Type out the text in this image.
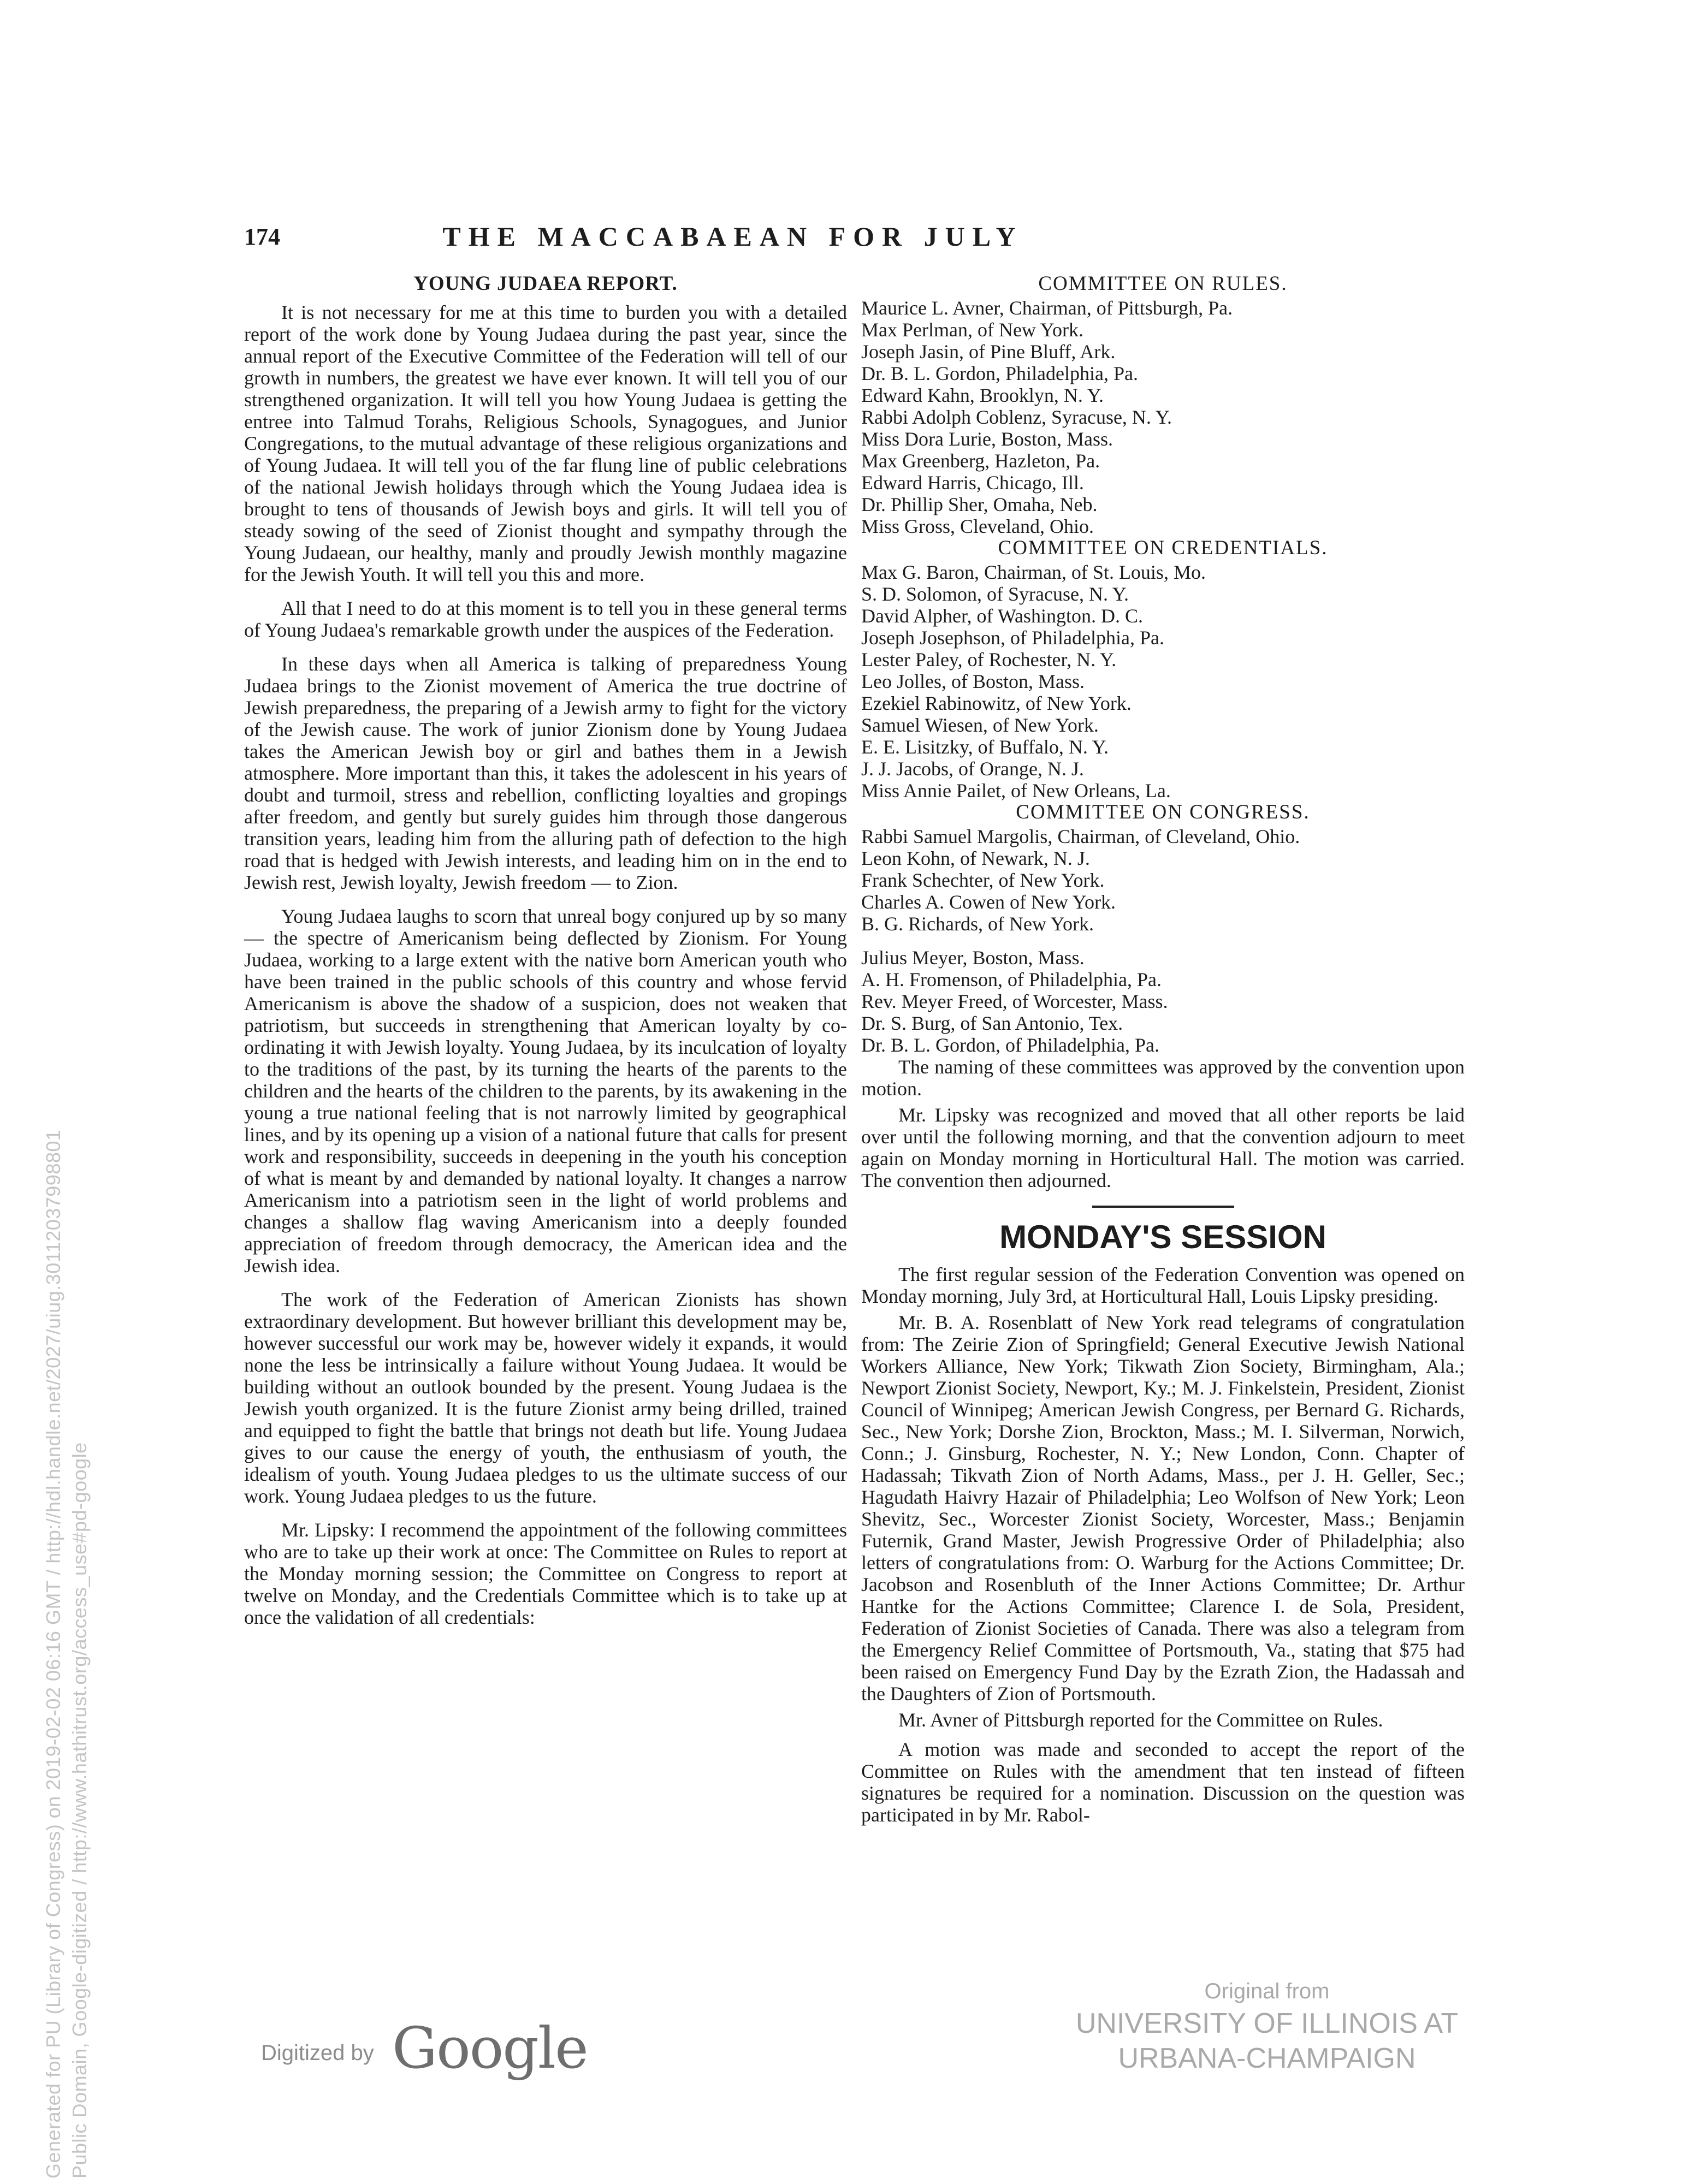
Generated for PU (Library of Congress) on 2019-02-02 06:16 GMT / http://hdl.handle.net/2027/uiug.30112037998801 Public Domain, Google-digitized / http://www.hathitrust.org/access_use#pd-google
174	THE MACCABAEAN FOR JULY
YOUNG JUDAEA REPORT.

It is not necessary for me at this time to burden you with a detailed report of the work done by Young Judaea during the past year, since the annual report of the Executive Committee of the Federation will tell of our growth in numbers, the greatest we have ever known. It will tell you of our strengthened organization. It will tell you how Young Judaea is getting the entree into Talmud Torahs, Religious Schools, Synagogues, and Junior Congregations, to the mutual advantage of these religious organizations and of Young Judaea. It will tell you of the far flung line of public celebrations of the national Jewish holidays through which the Young Judaea idea is brought to tens of thousands of Jewish boys and girls. It will tell you of steady sowing of the seed of Zionist thought and sympathy through the Young Judaean, our healthy, manly and proudly Jewish monthly magazine for the Jewish Youth. It will tell you this and more.

All that I need to do at this moment is to tell you in these general terms of Young Judaea's remarkable growth under the auspices of the Federation.

In these days when all America is talking of preparedness Young Judaea brings to the Zionist movement of America the true doctrine of Jewish preparedness, the preparing of a Jewish army to fight for the victory of the Jewish cause. The work of junior Zionism done by Young Judaea takes the American Jewish boy or girl and bathes them in a Jewish atmosphere. More important than this, it takes the adolescent in his years of doubt and turmoil, stress and rebellion, conflicting loyalties and gropings after freedom, and gently but surely guides him through those dangerous transition years, leading him from the alluring path of defection to the high road that is hedged with Jewish interests, and leading him on in the end to Jewish rest, Jewish loyalty, Jewish freedom — to Zion.

Young Judaea laughs to scorn that unreal bogy conjured up by so many — the spectre of Americanism being deflected by Zionism. For Young Judaea, working to a large extent with the native born American youth who have been trained in the public schools of this country and whose fervid Americanism is above the shadow of a suspicion, does not weaken that patriotism, but succeeds in strengthening that American loyalty by co-ordinating it with Jewish loyalty. Young Judaea, by its inculcation of loyalty to the traditions of the past, by its turning the hearts of the parents to the children and the hearts of the children to the parents, by its awakening in the young a true national feeling that is not narrowly limited by geographical lines, and by its opening up a vision of a national future that calls for present work and responsibility, succeeds in deepening in the youth his conception of what is meant by and demanded by national loyalty. It changes a narrow Americanism into a patriotism seen in the light of world problems and changes a shallow flag waving Americanism into a deeply founded appreciation of freedom through democracy, the American idea and the Jewish idea.

The work of the Federation of American Zionists has shown extraordinary development. But however brilliant this development may be, however successful our work may be, however widely it expands, it would none the less be intrinsically a failure without Young Judaea. It would be building without an outlook bounded by the present. Young Judaea is the Jewish youth organized. It is the future Zionist army being drilled, trained and equipped to fight the battle that brings not death but life. Young Judaea gives to our cause the energy of youth, the enthusiasm of youth, the idealism of youth. Young Judaea pledges to us the ultimate success of our work. Young Judaea pledges to us the future.

Mr. Lipsky: I recommend the appointment of the following committees who are to take up their work at once: The Committee on Rules to report at the Monday morning session; the Committee on Congress to report at twelve on Monday, and the Credentials Committee which is to take up at once the validation of all credentials:

COMMITTEE ON RULES.
Maurice L. Avner, Chairman, of Pittsburgh, Pa.
Max Perlman, of New York.
Joseph Jasin, of Pine Bluff, Ark.
Dr. B. L. Gordon, Philadelphia, Pa.
Edward Kahn, Brooklyn, N. Y.
Rabbi Adolph Coblenz, Syracuse, N. Y.
Miss Dora Lurie, Boston, Mass.
Max Greenberg, Hazleton, Pa.
Edward Harris, Chicago, Ill.
Dr. Phillip Sher, Omaha, Neb.
Miss Gross, Cleveland, Ohio.
COMMITTEE ON CREDENTIALS.
Max G. Baron, Chairman, of St. Louis, Mo.
S. D. Solomon, of Syracuse, N. Y.
David Alpher, of Washington. D. C.
Joseph Josephson, of Philadelphia, Pa.
Lester Paley, of Rochester, N. Y.
Leo Jolles, of Boston, Mass.
Ezekiel Rabinowitz, of New York.
Samuel Wiesen, of New York.
E. E. Lisitzky, of Buffalo, N. Y.
J. J. Jacobs, of Orange, N. J.
Miss Annie Pailet, of New Orleans, La.
COMMITTEE ON CONGRESS.
Rabbi Samuel Margolis, Chairman, of Cleveland, Ohio.
Leon Kohn, of Newark, N. J.
Frank Schechter, of New York.
Charles A. Cowen of New York.
B. G. Richards, of New York.
Julius Meyer, Boston, Mass.
A. H. Fromenson, of Philadelphia, Pa.
Rev. Meyer Freed, of Worcester, Mass.
Dr. S. Burg, of San Antonio, Tex.
Dr. B. L. Gordon, of Philadelphia, Pa.

The naming of these committees was approved by the convention upon motion.

Mr. Lipsky was recognized and moved that all other reports be laid over until the following morning, and that the convention adjourn to meet again on Monday morning in Horticultural Hall. The motion was carried. The convention then adjourned.

MONDAY'S SESSION

The first regular session of the Federation Convention was opened on Monday morning, July 3rd, at Horticultural Hall, Louis Lipsky presiding.

Mr. B. A. Rosenblatt of New York read telegrams of congratulation from: The Zeirie Zion of Springfield; General Executive Jewish National Workers Alliance, New York; Tikwath Zion Society, Birmingham, Ala.; Newport Zionist Society, Newport, Ky.; M. J. Finkelstein, President, Zionist Council of Winnipeg; American Jewish Congress, per Bernard G. Richards, Sec., New York; Dorshe Zion, Brockton, Mass.; M. I. Silverman, Norwich, Conn.; J. Ginsburg, Rochester, N. Y.; New London, Conn. Chapter of Hadassah; Tikvath Zion of North Adams, Mass., per J. H. Geller, Sec.; Hagudath Haivry Hazair of Philadelphia; Leo Wolfson of New York; Leon Shevitz, Sec., Worcester Zionist Society, Worcester, Mass.; Benjamin Futernik, Grand Master, Jewish Progressive Order of Philadelphia; also letters of congratulations from: O. Warburg for the Actions Committee; Dr. Jacobson and Rosenbluth of the Inner Actions Committee; Dr. Arthur Hantke for the Actions Committee; Clarence I. de Sola, President, Federation of Zionist Societies of Canada. There was also a telegram from the Emergency Relief Committee of Portsmouth, Va., stating that $75 had been raised on Emergency Fund Day by the Ezrath Zion, the Hadassah and the Daughters of Zion of Portsmouth.

Mr. Avner of Pittsburgh reported for the Committee on Rules.

A motion was made and seconded to accept the report of the Committee on Rules with the amendment that ten instead of fifteen signatures be required for a nomination. Discussion on the question was participated in by Mr. Rabol-

Digitized by Google
Original from
UNIVERSITY OF ILLINOIS AT
URBANA-CHAMPAIGN
